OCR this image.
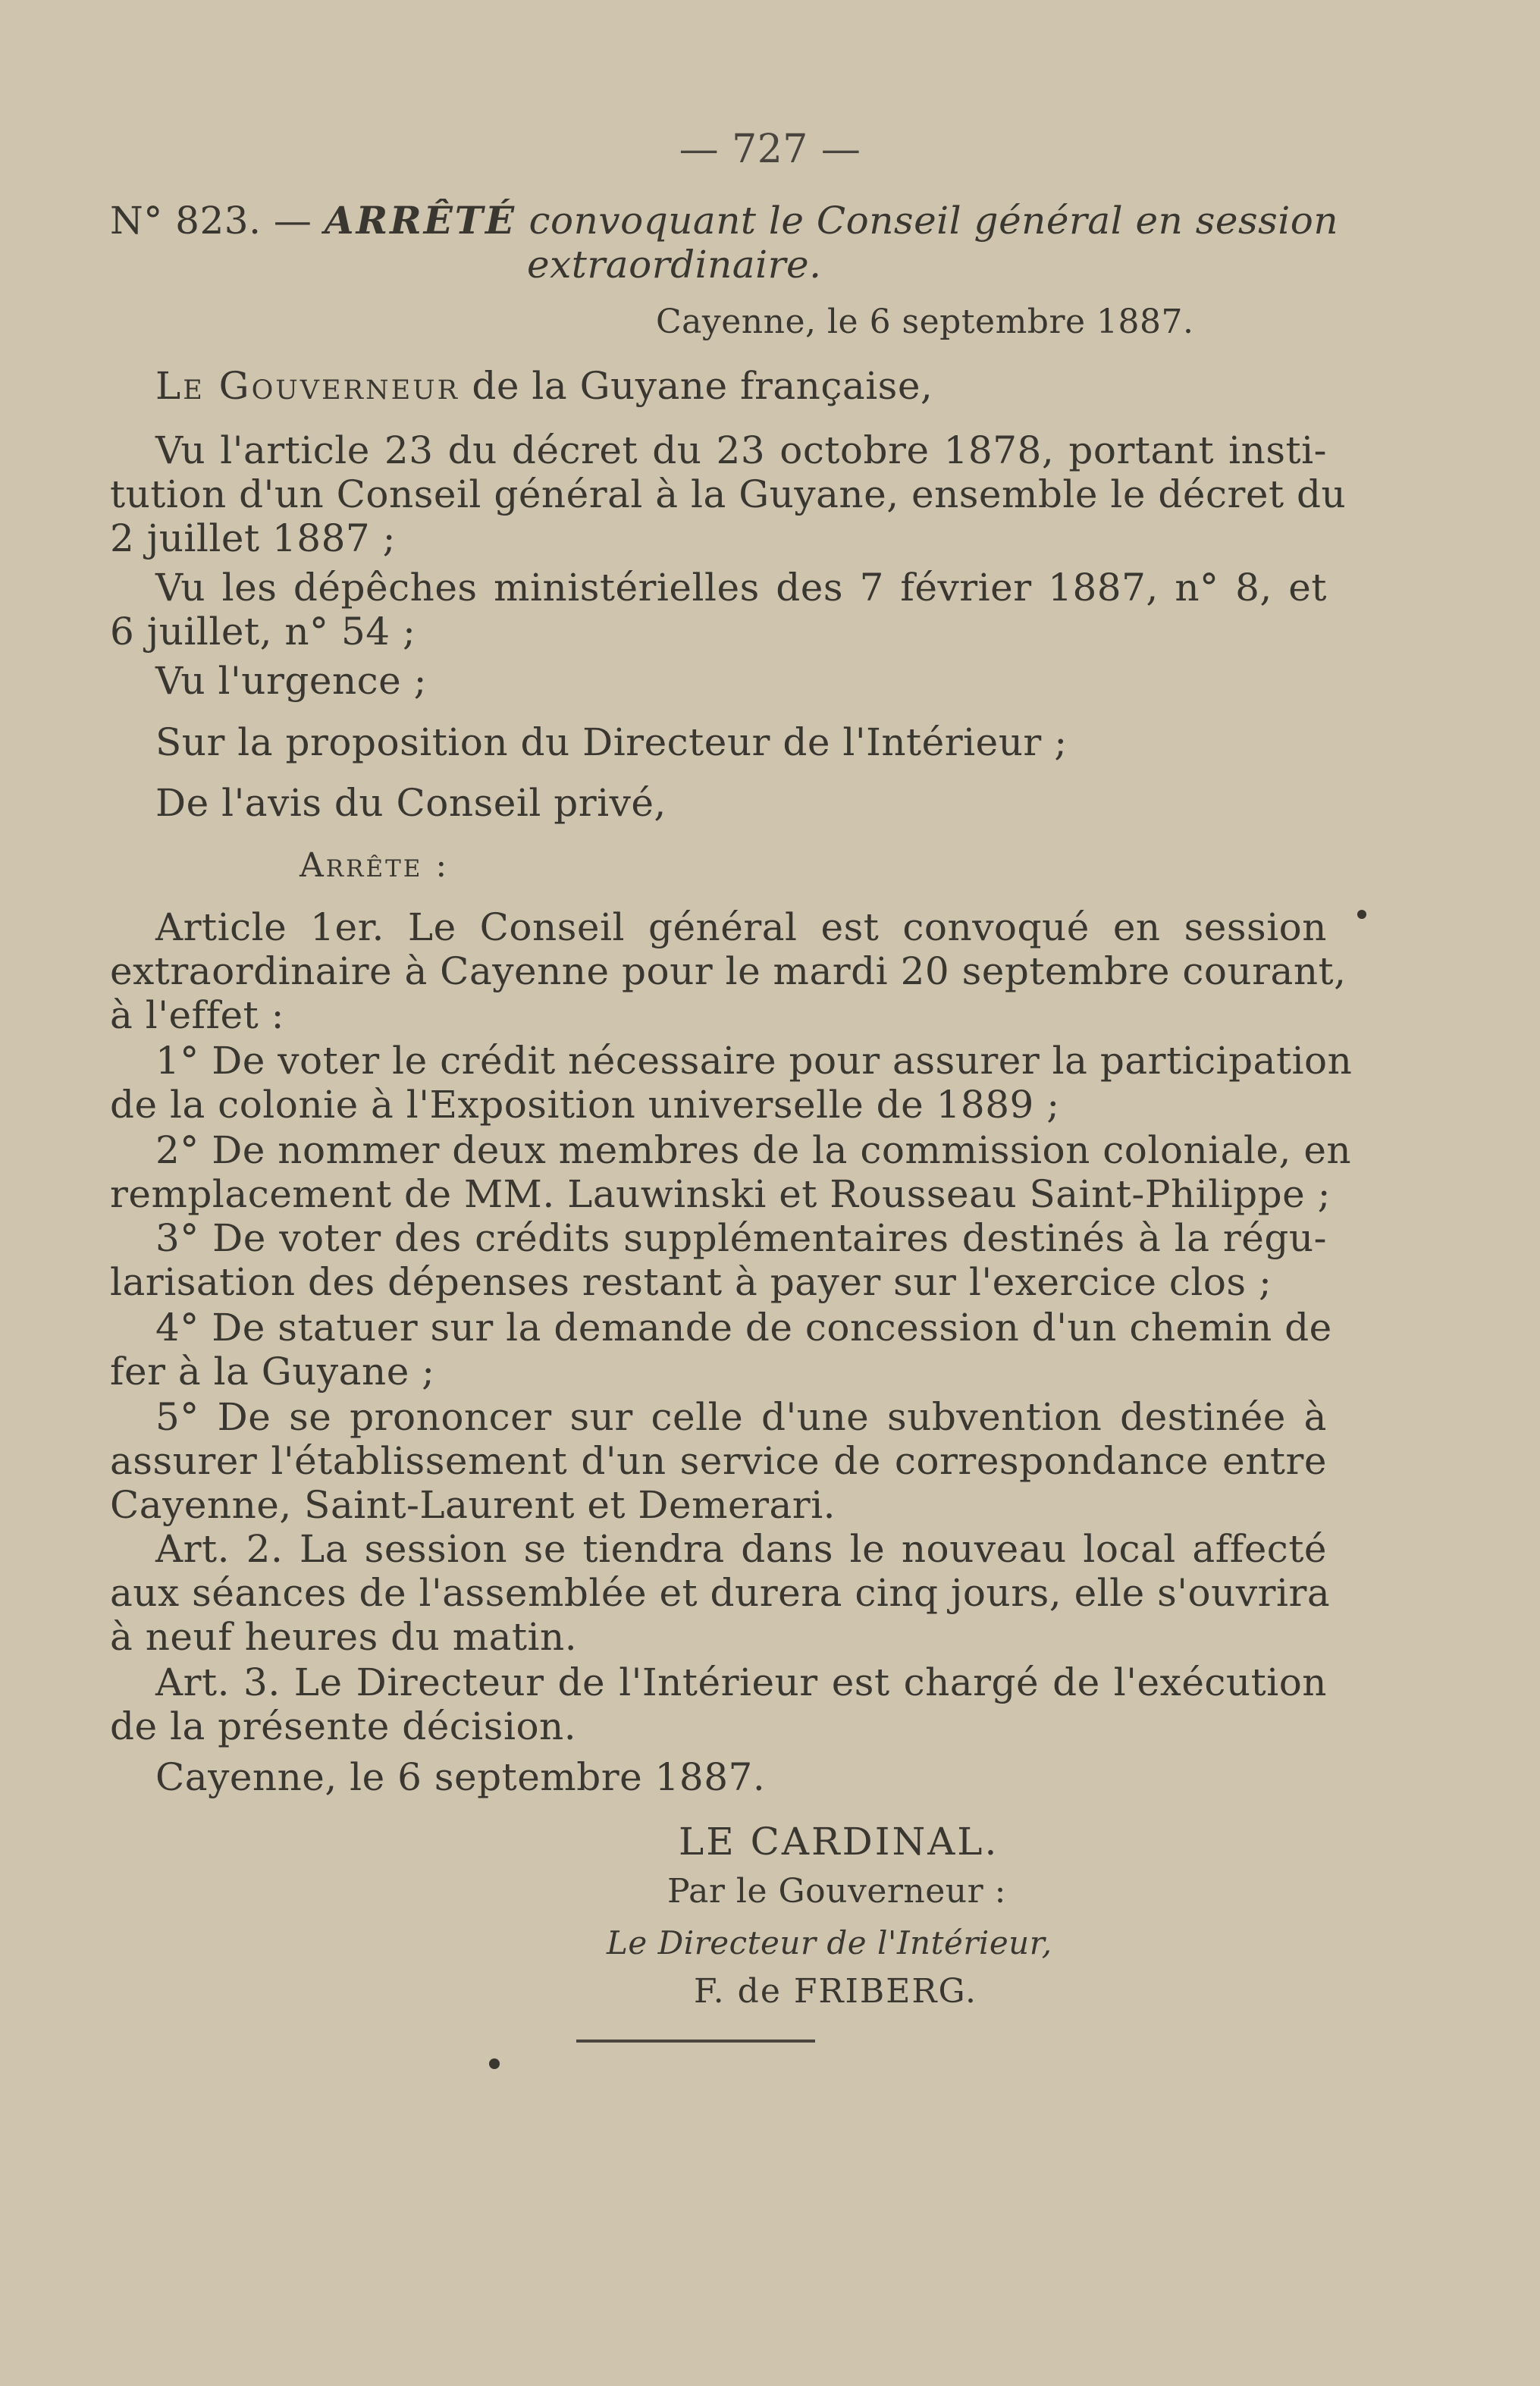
— 727 —
N° 823. — ARRÊTÉ convoquant le Conseil général en session
extraordinaire.
Cayenne, le 6 septembre 1887.
Le Gouverneur de la Guyane française,
Vu l'article 23 du décret du 23 octobre 1878, portant insti-
tution d'un Conseil général à la Guyane, ensemble le décret du
2 juillet 1887 ;
Vu les dépêches ministérielles des 7 février 1887, n° 8, et
6 juillet, n° 54 ;
Vu l'urgence ;
Sur la proposition du Directeur de l'Intérieur ;
De l'avis du Conseil privé,
Arrête :
Article 1er. Le Conseil général est convoqué en session
extraordinaire à Cayenne pour le mardi 20 septembre courant,
à l'effet :
1° De voter le crédit nécessaire pour assurer la participation
de la colonie à l'Exposition universelle de 1889 ;
2° De nommer deux membres de la commission coloniale, en
remplacement de MM. Lauwinski et Rousseau Saint-Philippe ;
3° De voter des crédits supplémentaires destinés à la régu-
larisation des dépenses restant à payer sur l'exercice clos ;
4° De statuer sur la demande de concession d'un chemin de
fer à la Guyane ;
5° De se prononcer sur celle d'une subvention destinée à
assurer l'établissement d'un service de correspondance entre
Cayenne, Saint-Laurent et Demerari.
Art. 2. La session se tiendra dans le nouveau local affecté
aux séances de l'assemblée et durera cinq jours, elle s'ouvrira
à neuf heures du matin.
Art. 3. Le Directeur de l'Intérieur est chargé de l'exécution
de la présente décision.
Cayenne, le 6 septembre 1887.
LE CARDINAL.
Par le Gouverneur :
Le Directeur de l'Intérieur,
F. de FRIBERG.
